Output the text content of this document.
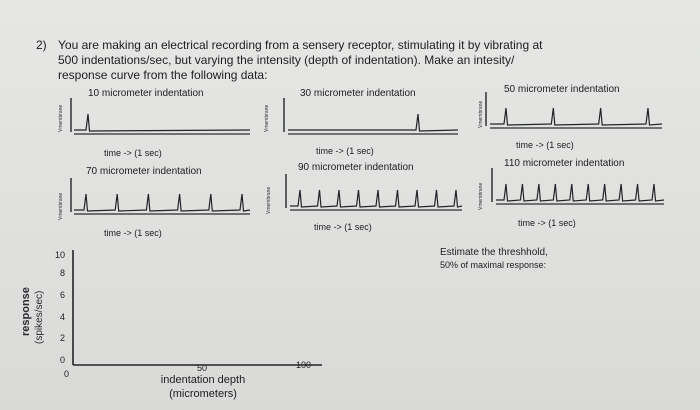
2) You are making an electrical recording from a sensery receptor, stimulating it by vibrating at
500 indentations/sec, but varying the intensity (depth of indentation). Make an intesity/
response curve from the following data:
10 micrometer indentation
Vmembrane
time -> (1 sec)
30 micrometer indentation
Vmembrane
time -> (1 sec)
50 micrometer indentation
Vmembrane
time -> (1 sec)
70 micrometer indentation
Vmembrane
time -> (1 sec)
90 micrometer indentation
Vmembrane
time -> (1 sec)
110 micrometer indentation
Vmembrane
time -> (1 sec)
Estimate the threshhold,
50% of maximal response:
10
8
6
4
2
0
0
50	100
response (spikes/sec)
indentation depth
(micrometers)
